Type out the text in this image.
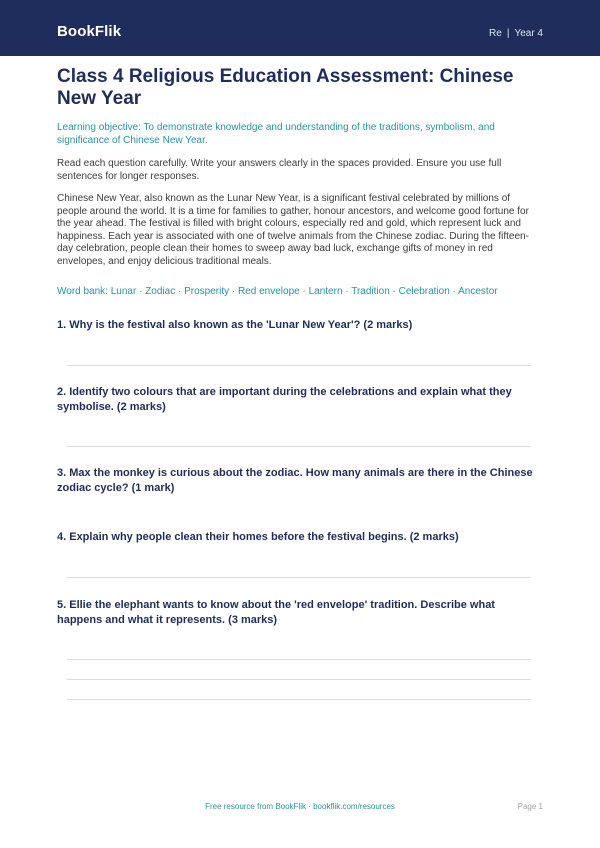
BookFlik	Re | Year 4
Class 4 Religious Education Assessment: Chinese New Year

Learning objective: To demonstrate knowledge and understanding of the traditions, symbolism, and significance of Chinese New Year.

Read each question carefully. Write your answers clearly in the spaces provided. Ensure you use full sentences for longer responses.

Chinese New Year, also known as the Lunar New Year, is a significant festival celebrated by millions of people around the world. It is a time for families to gather, honour ancestors, and welcome good fortune for the year ahead. The festival is filled with bright colours, especially red and gold, which represent luck and happiness. Each year is associated with one of twelve animals from the Chinese zodiac. During the fifteen-day celebration, people clean their homes to sweep away bad luck, exchange gifts of money in red envelopes, and enjoy delicious traditional meals.

Word bank: Lunar · Zodiac · Prosperity · Red envelope · Lantern · Tradition · Celebration · Ancestor

1. Why is the festival also known as the 'Lunar New Year'? (2 marks)

2. Identify two colours that are important during the celebrations and explain what they symbolise. (2 marks)

3. Max the monkey is curious about the zodiac. How many animals are there in the Chinese zodiac cycle? (1 mark)

4. Explain why people clean their homes before the festival begins. (2 marks)

5. Ellie the elephant wants to know about the 'red envelope' tradition. Describe what happens and what it represents. (3 marks)

Free resource from BookFlik · bookflik.com/resources	Page 1
